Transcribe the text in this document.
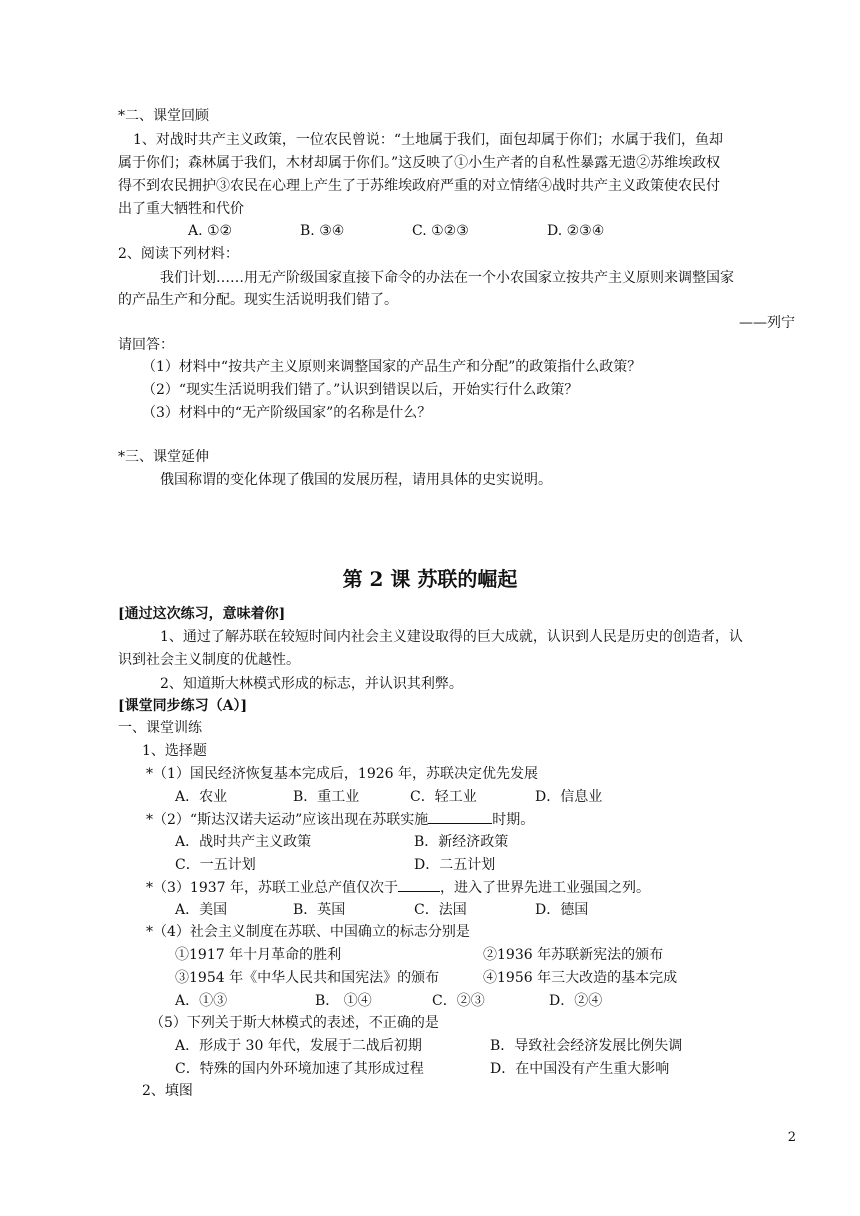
*二、课堂回顾
1、对战时共产主义政策，一位农民曾说：“土地属于我们，面包却属于你们；水属于我们，鱼却
属于你们；森林属于我们，木材却属于你们。”这反映了①小生产者的自私性暴露无遗②苏维埃政权
得不到农民拥护③农民在心理上产生了于苏维埃政府严重的对立情绪④战时共产主义政策使农民付
出了重大牺牲和代价
A. ①②	B. ③④	C. ①②③	D. ②③④
2、阅读下列材料：
我们计划……用无产阶级国家直接下命令的办法在一个小农国家立按共产主义原则来调整国家
的产品生产和分配。现实生活说明我们错了。
——列宁
请回答：
（1）材料中“按共产主义原则来调整国家的产品生产和分配”的政策指什么政策？
（2）“现实生活说明我们错了。”认识到错误以后，开始实行什么政策？
（3）材料中的“无产阶级国家”的名称是什么？
*三、课堂延伸
俄国称谓的变化体现了俄国的发展历程，请用具体的史实说明。
第 2 课 苏联的崛起
[通过这次练习，意味着你]
1、通过了解苏联在较短时间内社会主义建设取得的巨大成就，认识到人民是历史的创造者，认
识到社会主义制度的优越性。
2、知道斯大林模式形成的标志，并认识其利弊。
[课堂同步练习（A）]
一、课堂训练
1、选择题
*（1）国民经济恢复基本完成后，1926 年，苏联决定优先发展
A．农业	B．重工业	C．轻工业	D．信息业
*（2）“斯达汉诺夫运动”应该出现在苏联实施	时期。
A．战时共产主义政策	B．新经济政策
C．一五计划	D．二五计划
*（3）1937 年，苏联工业总产值仅次于	，进入了世界先进工业强国之列。
A．美国	B．英国	C．法国	D．德国
*（4）社会主义制度在苏联、中国确立的标志分别是
①1917 年十月革命的胜利	②1936 年苏联新宪法的颁布
③1954 年《中华人民共和国宪法》的颁布	④1956 年三大改造的基本完成
A．①③	B． ①④	C．②③	D．②④
（5）下列关于斯大林模式的表述，不正确的是
A．形成于 30 年代，发展于二战后初期	B．导致社会经济发展比例失调
C．特殊的国内外环境加速了其形成过程	D．在中国没有产生重大影响
2、填图
2
